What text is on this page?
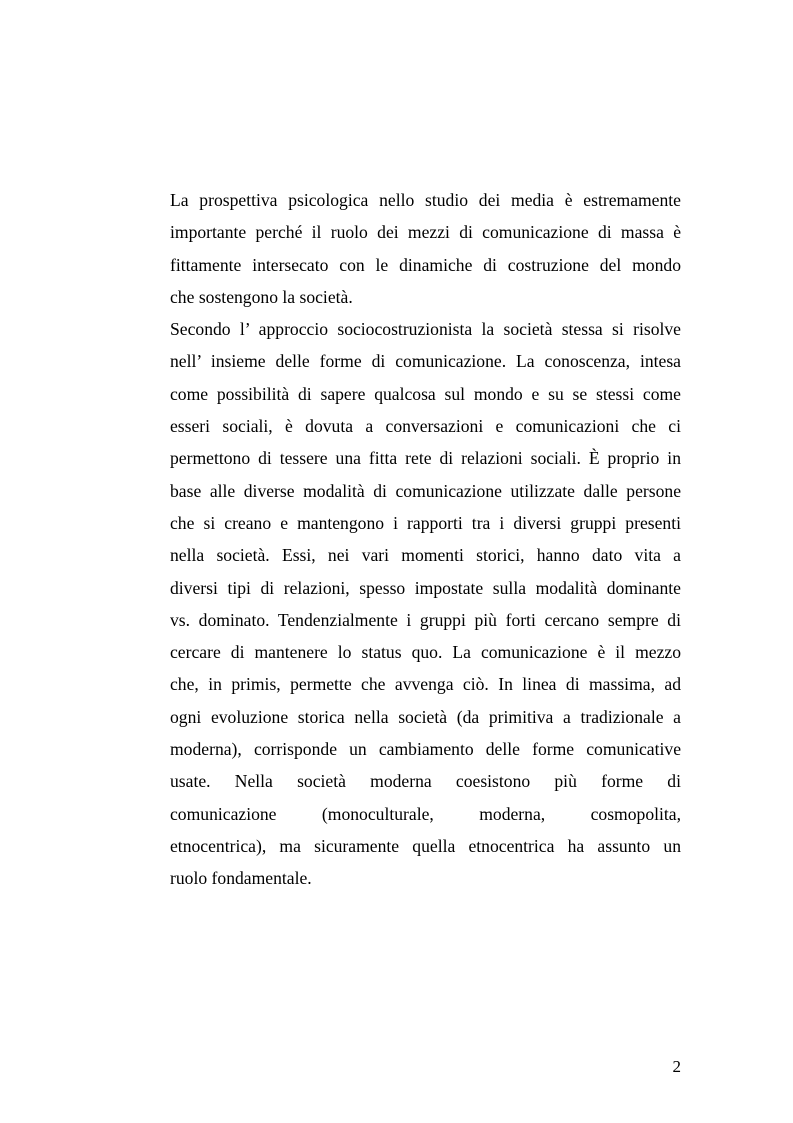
La prospettiva psicologica nello studio dei media è estremamente
importante perché il ruolo dei mezzi di comunicazione di massa è
fittamente intersecato con le dinamiche di costruzione del mondo
che sostengono la società.
Secondo l’ approccio sociocostruzionista la società stessa si risolve
nell’ insieme delle forme di comunicazione. La conoscenza, intesa
come possibilità di sapere qualcosa sul mondo e su se stessi come
esseri sociali, è dovuta a conversazioni e comunicazioni che ci
permettono di tessere una fitta rete di relazioni sociali. È proprio in
base alle diverse modalità di comunicazione utilizzate dalle persone
che si creano e mantengono i rapporti tra i diversi gruppi presenti
nella società. Essi, nei vari momenti storici, hanno dato vita a
diversi tipi di relazioni, spesso impostate sulla modalità dominante
vs. dominato. Tendenzialmente i gruppi più forti cercano sempre di
cercare di mantenere lo status quo. La comunicazione è il mezzo
che, in primis, permette che avvenga ciò. In linea di massima, ad
ogni evoluzione storica nella società (da primitiva a tradizionale a
moderna), corrisponde un cambiamento delle forme comunicative
usate. Nella società moderna coesistono più forme di
comunicazione (monoculturale, moderna, cosmopolita,
etnocentrica), ma sicuramente quella etnocentrica ha assunto un
ruolo fondamentale.
2
